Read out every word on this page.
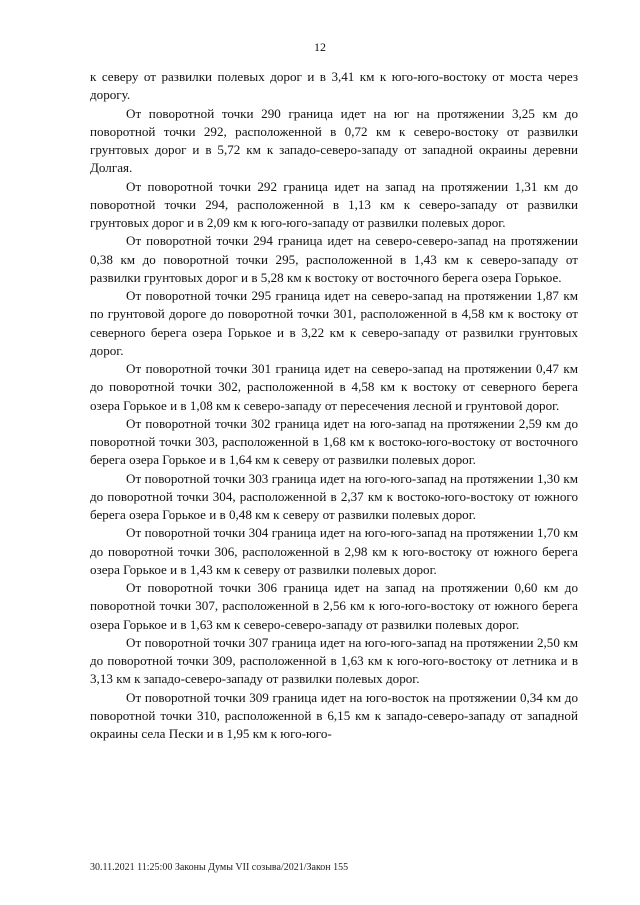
12

к северу от развилки полевых дорог и в 3,41 км к юго-юго-востоку от моста через дорогу.

От поворотной точки 290 граница идет на юг на протяжении 3,25 км до поворотной точки 292, расположенной в 0,72 км к северо-востоку от развилки грунтовых дорог и в 5,72 км к западо-северо-западу от западной окраины деревни Долгая.

От поворотной точки 292 граница идет на запад на протяжении 1,31 км до поворотной точки 294, расположенной в 1,13 км к северо-западу от развилки грунтовых дорог и в 2,09 км к юго-юго-западу от развилки полевых дорог.

От поворотной точки 294 граница идет на северо-северо-запад на протяжении 0,38 км до поворотной точки 295, расположенной в 1,43 км к северо-западу от развилки грунтовых дорог и в 5,28 км к востоку от восточного берега озера Горькое.

От поворотной точки 295 граница идет на северо-запад на протяжении 1,87 км по грунтовой дороге до поворотной точки 301, расположенной в 4,58 км к востоку от северного берега озера Горькое и в 3,22 км к северо-западу от развилки грунтовых дорог.

От поворотной точки 301 граница идет на северо-запад на протяжении 0,47 км до поворотной точки 302, расположенной в 4,58 км к востоку от северного берега озера Горькое и в 1,08 км к северо-западу от пересечения лесной и грунтовой дорог.

От поворотной точки 302 граница идет на юго-запад на протяжении 2,59 км до поворотной точки 303, расположенной в 1,68 км к востоко-юго-востоку от восточного берега озера Горькое и в 1,64 км к северу от развилки полевых дорог.

От поворотной точки 303 граница идет на юго-юго-запад на протяжении 1,30 км до поворотной точки 304, расположенной в 2,37 км к востоко-юго-востоку от южного берега озера Горькое и в 0,48 км к северу от развилки полевых дорог.

От поворотной точки 304 граница идет на юго-юго-запад на протяжении 1,70 км до поворотной точки 306, расположенной в 2,98 км к юго-востоку от южного берега озера Горькое и в 1,43 км к северу от развилки полевых дорог.

От поворотной точки 306 граница идет на запад на протяжении 0,60 км до поворотной точки 307, расположенной в 2,56 км к юго-юго-востоку от южного берега озера Горькое и в 1,63 км к северо-северо-западу от развилки полевых дорог.

От поворотной точки 307 граница идет на юго-юго-запад на протяжении 2,50 км до поворотной точки 309, расположенной в 1,63 км к юго-юго-востоку от летника и в 3,13 км к западо-северо-западу от развилки полевых дорог.

От поворотной точки 309 граница идет на юго-восток на протяжении 0,34 км до поворотной точки 310, расположенной в 6,15 км к западо-северо-западу от западной окраины села Пески и в 1,95 км к юго-юго-

30.11.2021 11:25:00 Законы Думы VII созыва/2021/Закон 155
